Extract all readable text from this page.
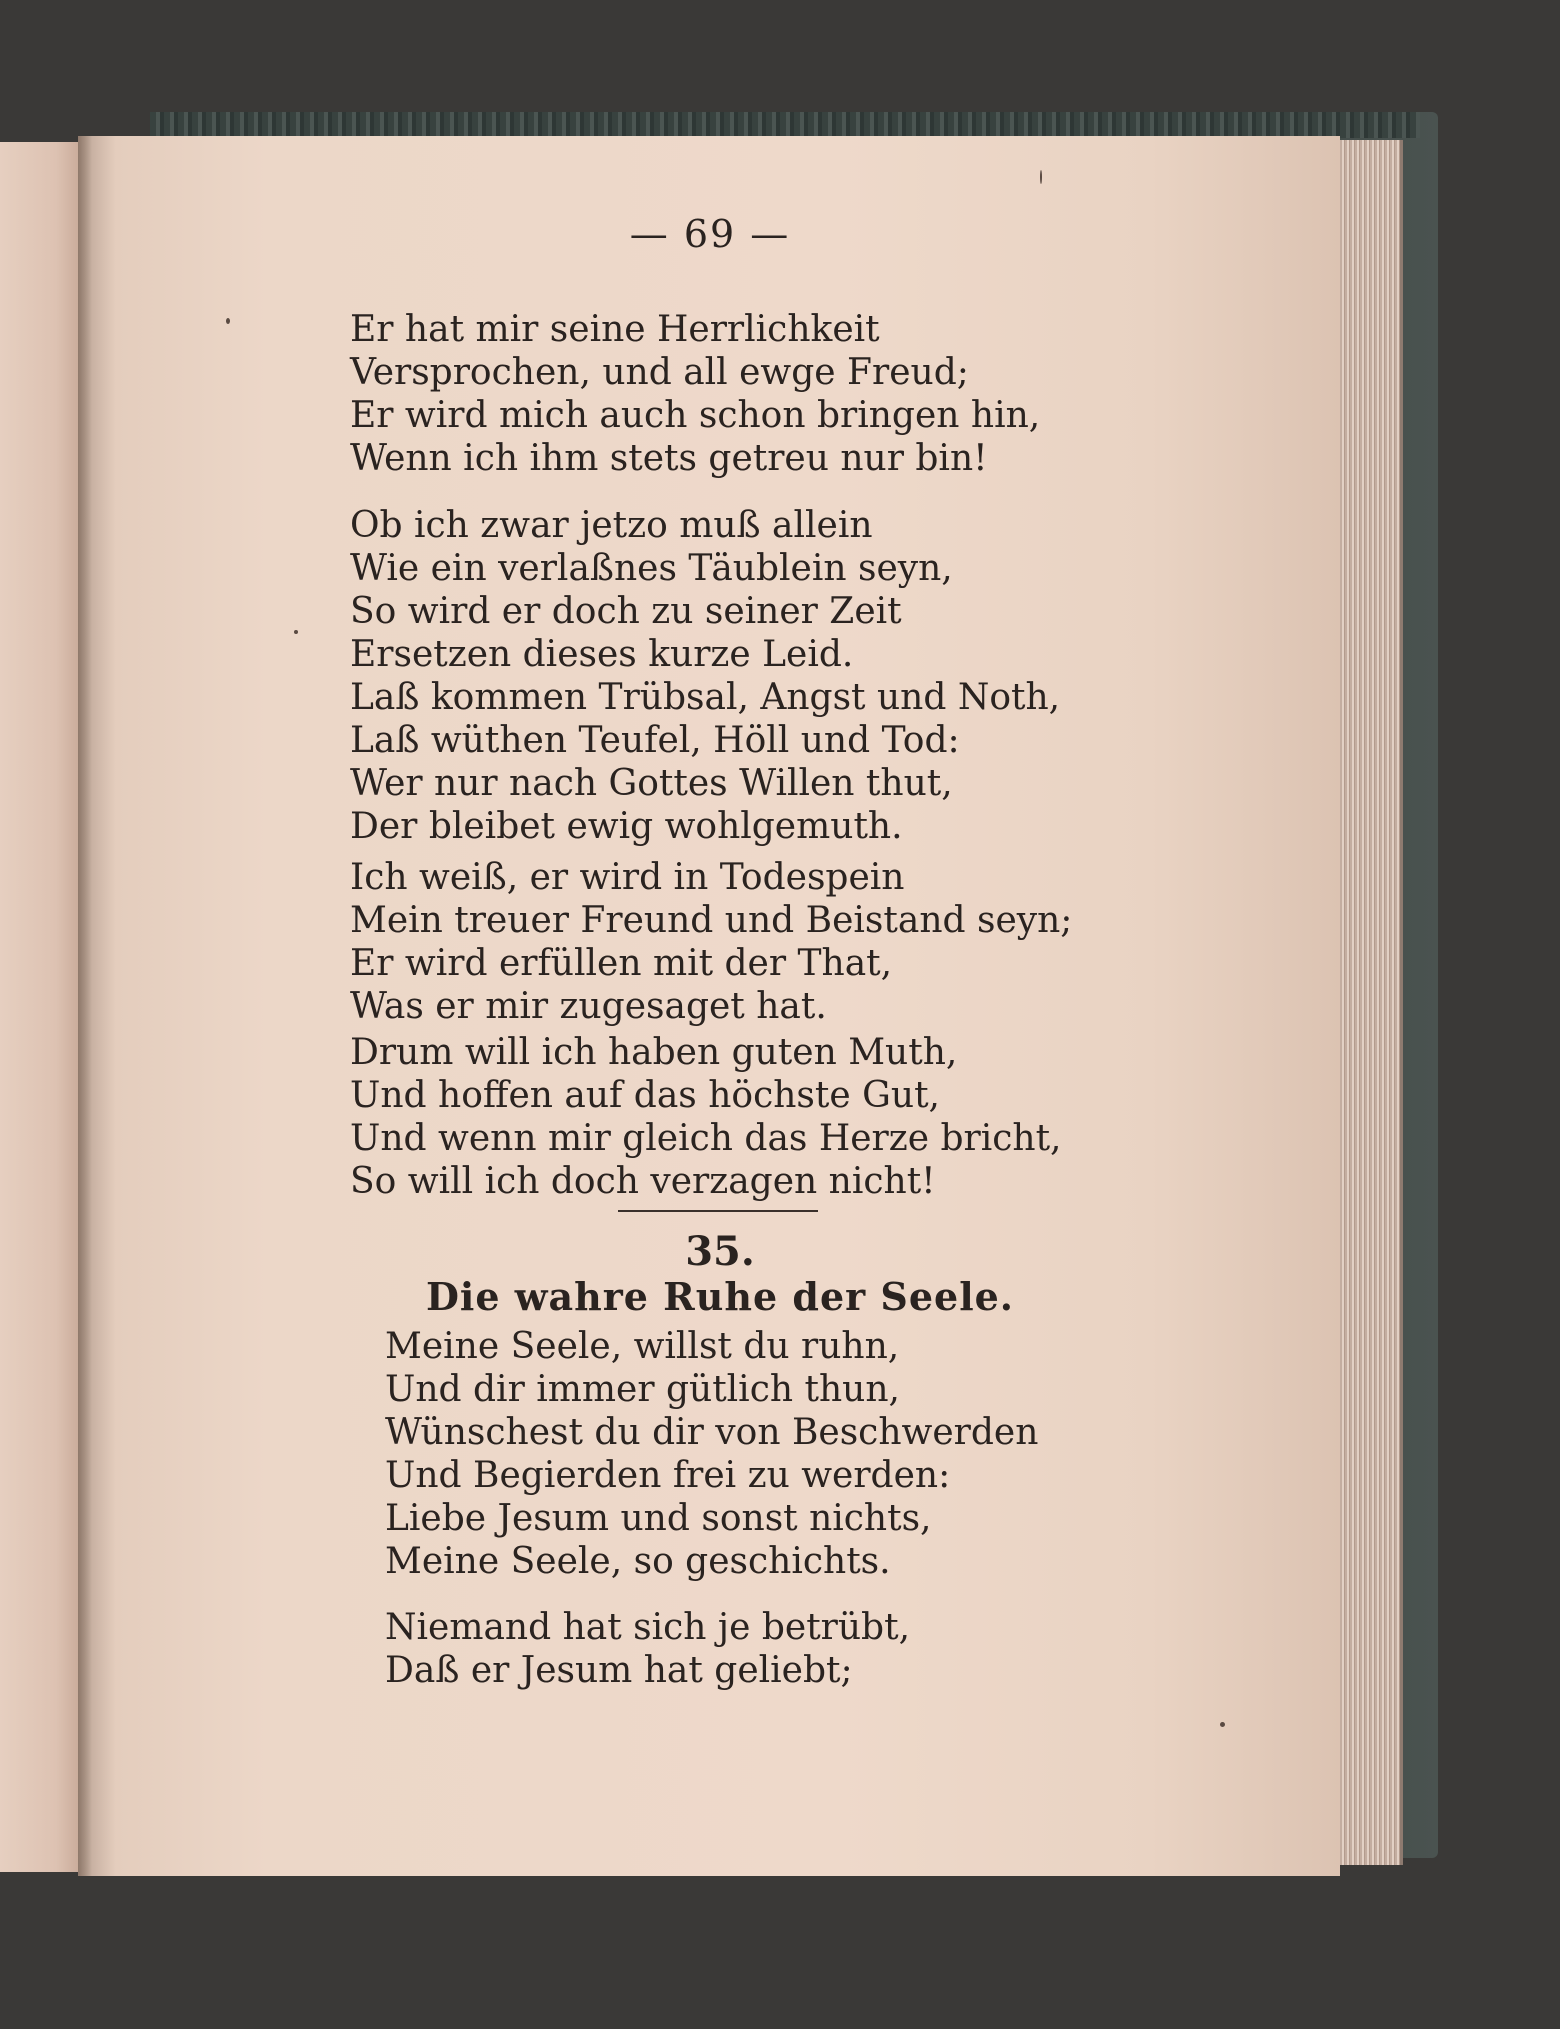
— 69 —
Er hat mir seine Herrlichkeit
Versprochen, und all ewge Freud;
Er wird mich auch schon bringen hin,
Wenn ich ihm stets getreu nur bin!
Ob ich zwar jetzo muß allein
Wie ein verlaßnes Täublein seyn,
So wird er doch zu seiner Zeit
Ersetzen dieses kurze Leid.
Laß kommen Trübsal, Angst und Noth,
Laß wüthen Teufel, Höll und Tod:
Wer nur nach Gottes Willen thut,
Der bleibet ewig wohlgemuth.
Ich weiß, er wird in Todespein
Mein treuer Freund und Beistand seyn;
Er wird erfüllen mit der That,
Was er mir zugesaget hat.
Drum will ich haben guten Muth,
Und hoffen auf das höchste Gut,
Und wenn mir gleich das Herze bricht,
So will ich doch verzagen nicht!
35.
Die wahre Ruhe der Seele.
Meine Seele, willst du ruhn,
Und dir immer gütlich thun,
Wünschest du dir von Beschwerden
Und Begierden frei zu werden:
Liebe Jesum und sonst nichts,
Meine Seele, so geschichts.
Niemand hat sich je betrübt,
Daß er Jesum hat geliebt;
